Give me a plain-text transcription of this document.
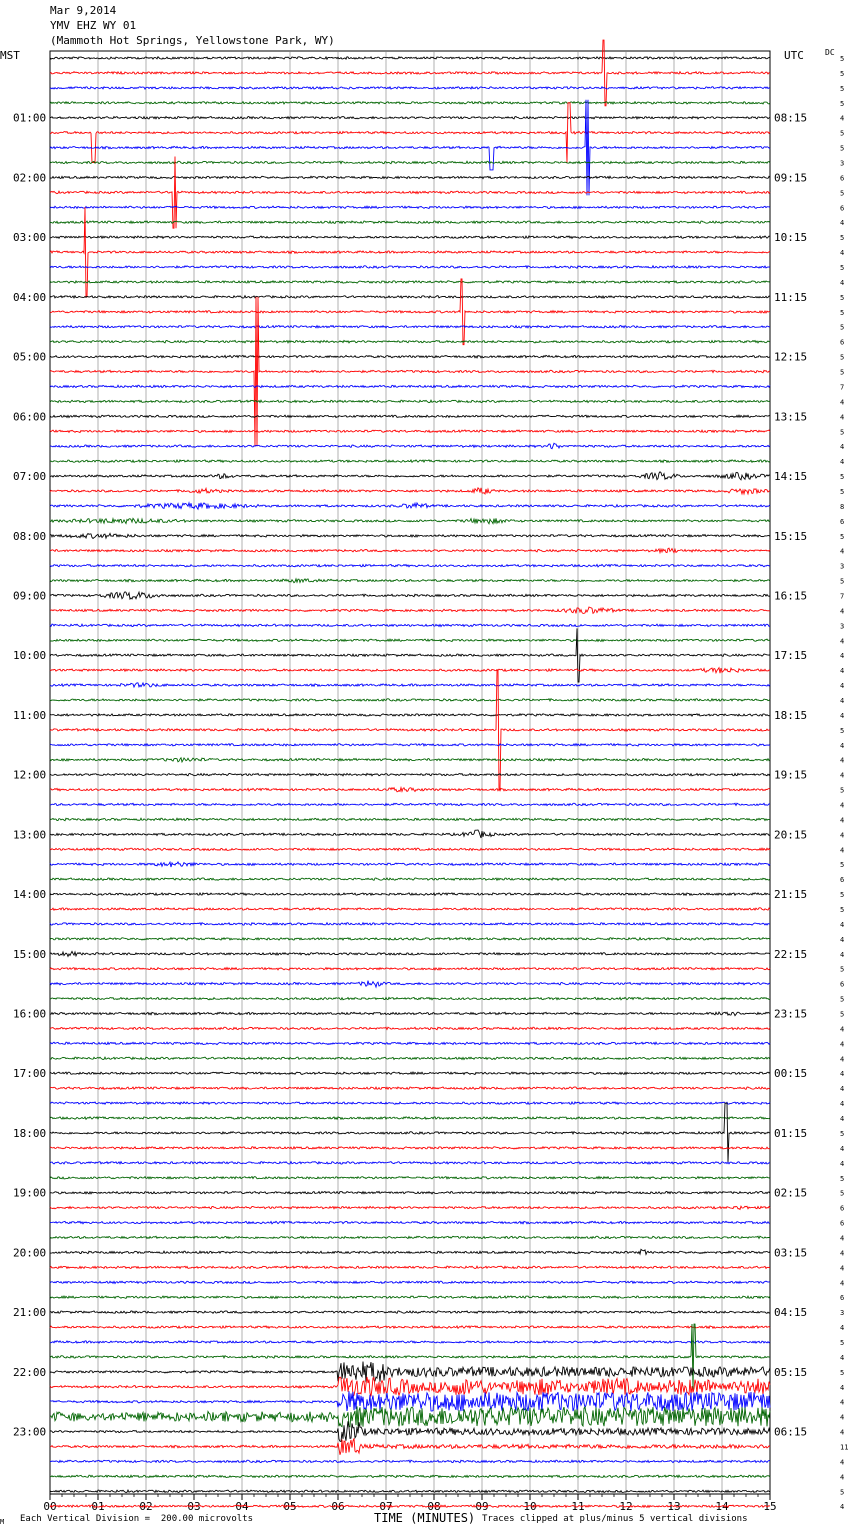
Mar 9,2014
YMV EHZ WY 01
(Mammoth Hot Springs, Yellowstone Park, WY)
MST	UTC	DC
00	01	02	03	04	05	06	07	08	09	10	11	12	13	14	15
01:00
02:00
03:00
04:00
05:00
06:00
07:00
08:00
09:00
10:00
11:00
12:00
13:00
14:00
15:00
16:00
17:00
18:00
19:00
20:00
21:00
22:00
23:00
08:15
09:15
10:15
11:15
12:15
13:15
14:15
15:15
16:15
17:15
18:15
19:15
20:15
21:15
22:15
23:15
00:15
01:15
02:15
03:15
04:15
05:15
06:15
5
5
5
5
4
5
5
3
6
5
6
4
5
4
5
4
5
5
5
6
5
5
7
4
4
5
4
4
5
5
8
6
5
4
3
5
7
4
3
4
4
4
4
4
4
5
4
4
4
5
4
4
4
4
5
6
5
5
4
4
4
5
6
5
5
4
4
4
4
4
4
4
5
4
4
5
5
6
6
4
4
4
4
6
3
4
5
4
5
4
4
4
4
11
4
4
5
4
M Each Vertical Division =  200.00 microvolts	TIME (MINUTES) Traces clipped at plus/minus 5 vertical divisions
